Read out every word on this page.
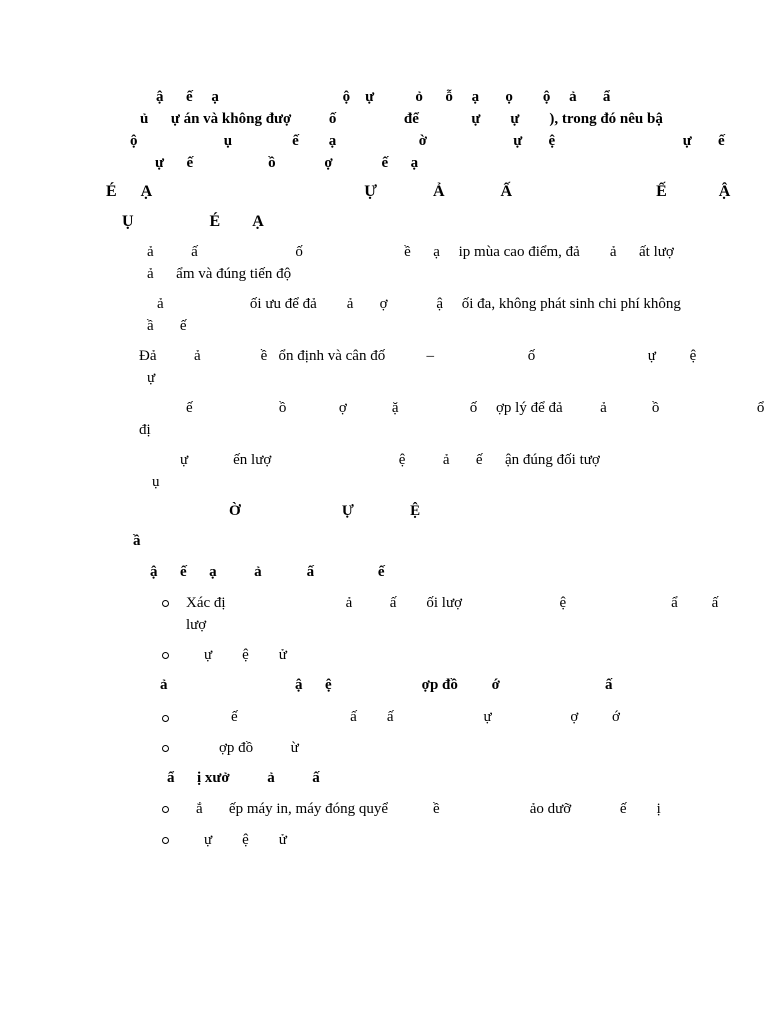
ậ      ế     ạ                                 ộ    ự           ỏ      ỗ     ạ       ọ        ộ     ả       ẩ
ủ      ự án và không đượ          ố                  để              ự        ự        ), trong đó nêu bậ
ộ                       ụ                ế        ạ                      ờ                       ự       ệ                                  ự       ế
ự      ế                    ồ             ợ             ế      ạ
É      Ạ                                                     Ự              Ả              Ấ                                    Ế             Ậ
Ụ                   É        Ạ
ả          ấ                          ố                           ề      ạ     ip mùa cao điểm, đả        ả      ất lượ
ả      ẩm và đúng tiến độ
ả                       ối ưu để đả        ả       ợ             ậ     ối đa, không phát sinh chi phí không
ầ       ế
Đả          ả                ề   ổn định và cân đố           –                         ố                              ự         ệ
ự
ế                       ồ              ợ            ặ                   ố     ợp lý để đả          ả            ồ                          ổ
đị
ự            ến lượ                                  ệ          ả       ế      ận đúng đối tượ
ụ
Ờ                           Ự               Ệ
ầ
ậ      ế      ạ          ả            ấ                 ế
Xác đị                                ả          ấ        ối lượ                          ệ                            ẩ         ấ
lượ
ự        ệ        ử
ả                                  ậ      ệ                        ợp đồ         ớ                            ấ
ế                              ấ        ấ                        ự                     ợ         ớ
ợp đồ          ừ
ẩ      ị xưở          ả          ấ
ắ       ếp máy in, máy đóng quyể            ề                        ảo dưỡ             ế        ị
ự        ệ        ử
